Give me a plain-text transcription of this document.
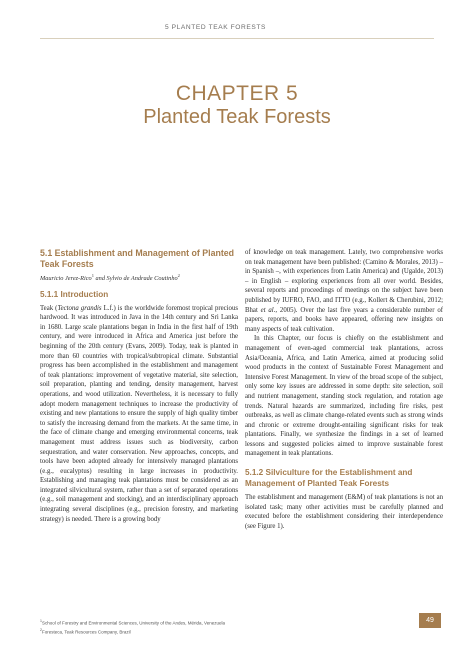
5 PLANTED TEAK FORESTS
CHAPTER 5
Planted Teak Forests
5.1 Establishment and Management of Planted Teak Forests

Mauricio Jerez-Rico$^1$ and Sylvio de Andrade Coutinho$^2$

5.1.1 Introduction

Teak (Tectona grandis L.f.) is the worldwide foremost tropical precious hardwood. It was introduced in Java in the 14th century and Sri Lanka in 1680. Large scale plantations began in India in the first half of 19th century, and were introduced in Africa and America just before the beginning of the 20th century (Evans, 2009). Today, teak is planted in more than 60 countries with tropical/subtropical climate. Substantial progress has been accomplished in the establishment and management of teak plantations: improvement of vegetative material, site selection, soil preparation, planting and tending, density management, harvest operations, and wood utilization. Nevertheless, it is necessary to fully adopt modern management techniques to increase the productivity of existing and new plantations to ensure the supply of high quality timber to satisfy the increasing demand from the markets. At the same time, in the face of climate change and emerging environmental concerns, teak management must address issues such as biodiversity, carbon sequestration, and water conservation. New approaches, concepts, and tools have been adopted already for intensively managed plantations (e.g., eucalyptus) resulting in large increases in productivity. Establishing and managing teak plantations must be considered as an integrated silvicultural system, rather than a set of separated operations (e.g., soil management and stocking), and an interdisciplinary approach integrating several disciplines (e.g., precision forestry, and marketing strategy) is needed. There is a growing body

of knowledge on teak management. Lately, two comprehensive works on teak management have been published: (Camino & Morales, 2013) – in Spanish –, with experiences from Latin America) and (Ugalde, 2013) – in English – exploring experiences from all over world. Besides, several reports and proceedings of meetings on the subject have been published by IUFRO, FAO, and ITTO (e.g., Kollert & Cherubini, 2012; Bhat et al., 2005). Over the last five years a considerable number of papers, reports, and books have appeared, offering new insights on many aspects of teak cultivation.

In this Chapter, our focus is chiefly on the establishment and management of even-aged commercial teak plantations, across Asia/Oceania, Africa, and Latin America, aimed at producing solid wood products in the context of Sustainable Forest Management and Intensive Forest Management. In view of the broad scope of the subject, only some key issues are addressed in some depth: site selection, soil and nutrient management, standing stock regulation, and rotation age trends. Natural hazards are summarized, including fire risks, pest outbreaks, as well as climate change-related events such as strong winds and chronic or extreme drought-entailing significant risks for teak plantations. Finally, we synthesize the findings in a set of learned lessons and suggested policies aimed to improve sustainable forest management in teak plantations.

5.1.2 Silviculture for the Establishment and Management of Planted Teak Forests

The establishment and management (E&M) of teak plantations is not an isolated task; many other activities must be carefully planned and executed before the establishment considering their interdependence (see Figure 1).

$^1$School of Forestry and Environmental Sciences, University of the Andes, Mérida, Venezuela
$^2$Foresteca, Teak Resources Company, Brazil
49
